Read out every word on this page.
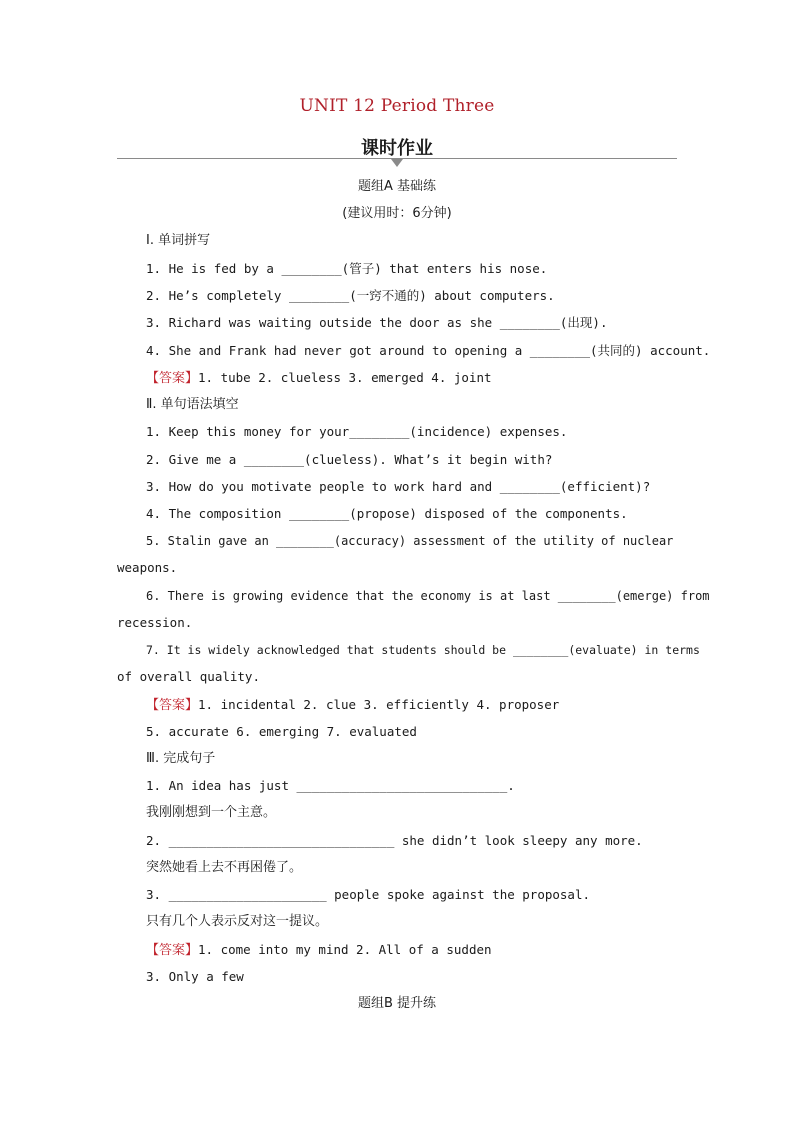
UNIT 12 Period Three
课时作业
题组A 基础练
(建议用时：6分钟)
Ⅰ. 单词拼写
1. He is fed by a ________(管子) that enters his nose.
2. He’s completely ________(一窍不通的) about computers.
3. Richard was waiting outside the door as she ________(出现).
4. She and Frank had never got around to opening a ________(共同的) account.
【答案】1. tube 2. clueless 3. emerged 4. joint
Ⅱ. 单句语法填空
1. Keep this money for your________(incidence) expenses.
2. Give me a ________(clueless). What’s it begin with?
3. How do you motivate people to work hard and ________(efficient)?
4. The composition ________(propose) disposed of the components.
5. Stalin gave an ________(accuracy) assessment of the utility of nuclear
weapons.
6. There is growing evidence that the economy is at last ________(emerge) from
recession.
7. It is widely acknowledged that students should be ________(evaluate) in terms
of overall quality.
【答案】1. incidental 2. clue 3. efficiently 4. proposer
5. accurate 6. emerging 7. evaluated
Ⅲ. 完成句子
1. An idea has just ____________________________.
我刚刚想到一个主意。
2. ______________________________ she didn’t look sleepy any more.
突然她看上去不再困倦了。
3. _____________________ people spoke against the proposal.
只有几个人表示反对这一提议。
【答案】1. come into my mind 2. All of a sudden
3. Only a few
题组B 提升练
